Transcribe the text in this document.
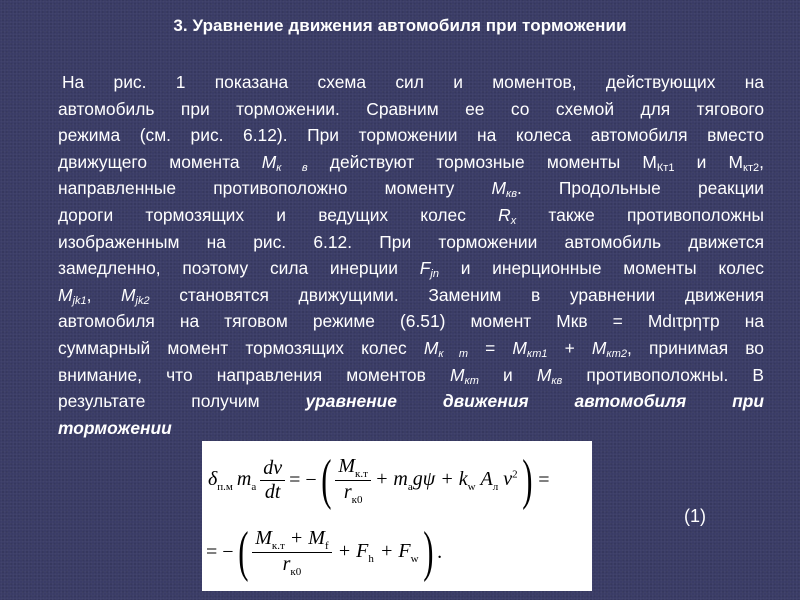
3. Уравнение движения автомобиля при торможении
На рис. 1 показана схема сил и моментов, действующих на
автомобиль при торможении. Сравним ее со схемой для тягового
режима (см. рис. 6.12). При торможении на колеса автомобиля вместо
движущего момента $M_{к в}$ действуют тормозные моменты $М_{Кт1}$ и $М_{кт2}$,
направленные противоположно моменту $М_{кв}$. Продольные реакции
дороги тормозящих и ведущих колес $R_x$ также противоположны
изображенным на рис. 6.12. При торможении автомобиль движется
замедленно, поэтому сила инерции $F_{jn}$ и инерционные моменты колес
$M_{jk1}$, $M_{jk2}$ становятся движущими. Заменим в уравнении движения
автомобиля на тяговом режиме (6.51) момент Мкв = Мdιτрηтр на
суммарный момент тормозящих колес $М_{к т} = М_{кт1} + М_{кт2}$, принимая во
внимание, что направления моментов $М_{кт}$ и $М_{кв}$ противоположны. В
результате получим уравнение движения автомобиля при
торможении
$\delta_{п.м}$ $m_a \frac{dv}{dt}$ = − ( $\frac{M_{к.т}}{r_{к0}} + m_ag\psi + k_w$ $A_л$ $v^2$ ) =
= − ( $\frac{M_{к.т} + M_f}{r_{к0}} + F_h + F_w$ ) .
(1)
